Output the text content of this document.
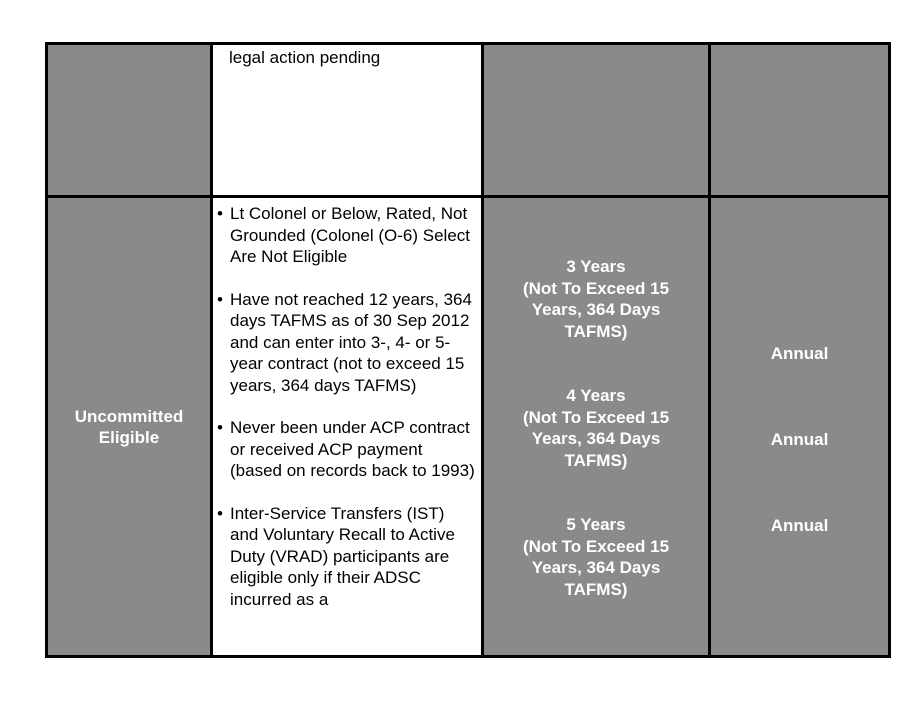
legal action pending
Uncommitted
Eligible
• Lt Colonel or Below, Rated, Not Grounded (Colonel (O-6) Select Are Not Eligible
• Have not reached 12 years, 364 days TAFMS as of 30 Sep 2012 and can enter into 3-, 4- or 5-year contract (not to exceed 15 years, 364 days TAFMS)
• Never been under ACP contract or received ACP payment (based on records back to 1993)
• Inter-Service Transfers (IST) and Voluntary Recall to Active Duty (VRAD) participants are eligible only if their ADSC incurred as a
3 Years
(Not To Exceed 15
Years, 364 Days
TAFMS)
4 Years
(Not To Exceed 15
Years, 364 Days
TAFMS)
5 Years
(Not To Exceed 15
Years, 364 Days
TAFMS)
Annual
Annual
Annual
